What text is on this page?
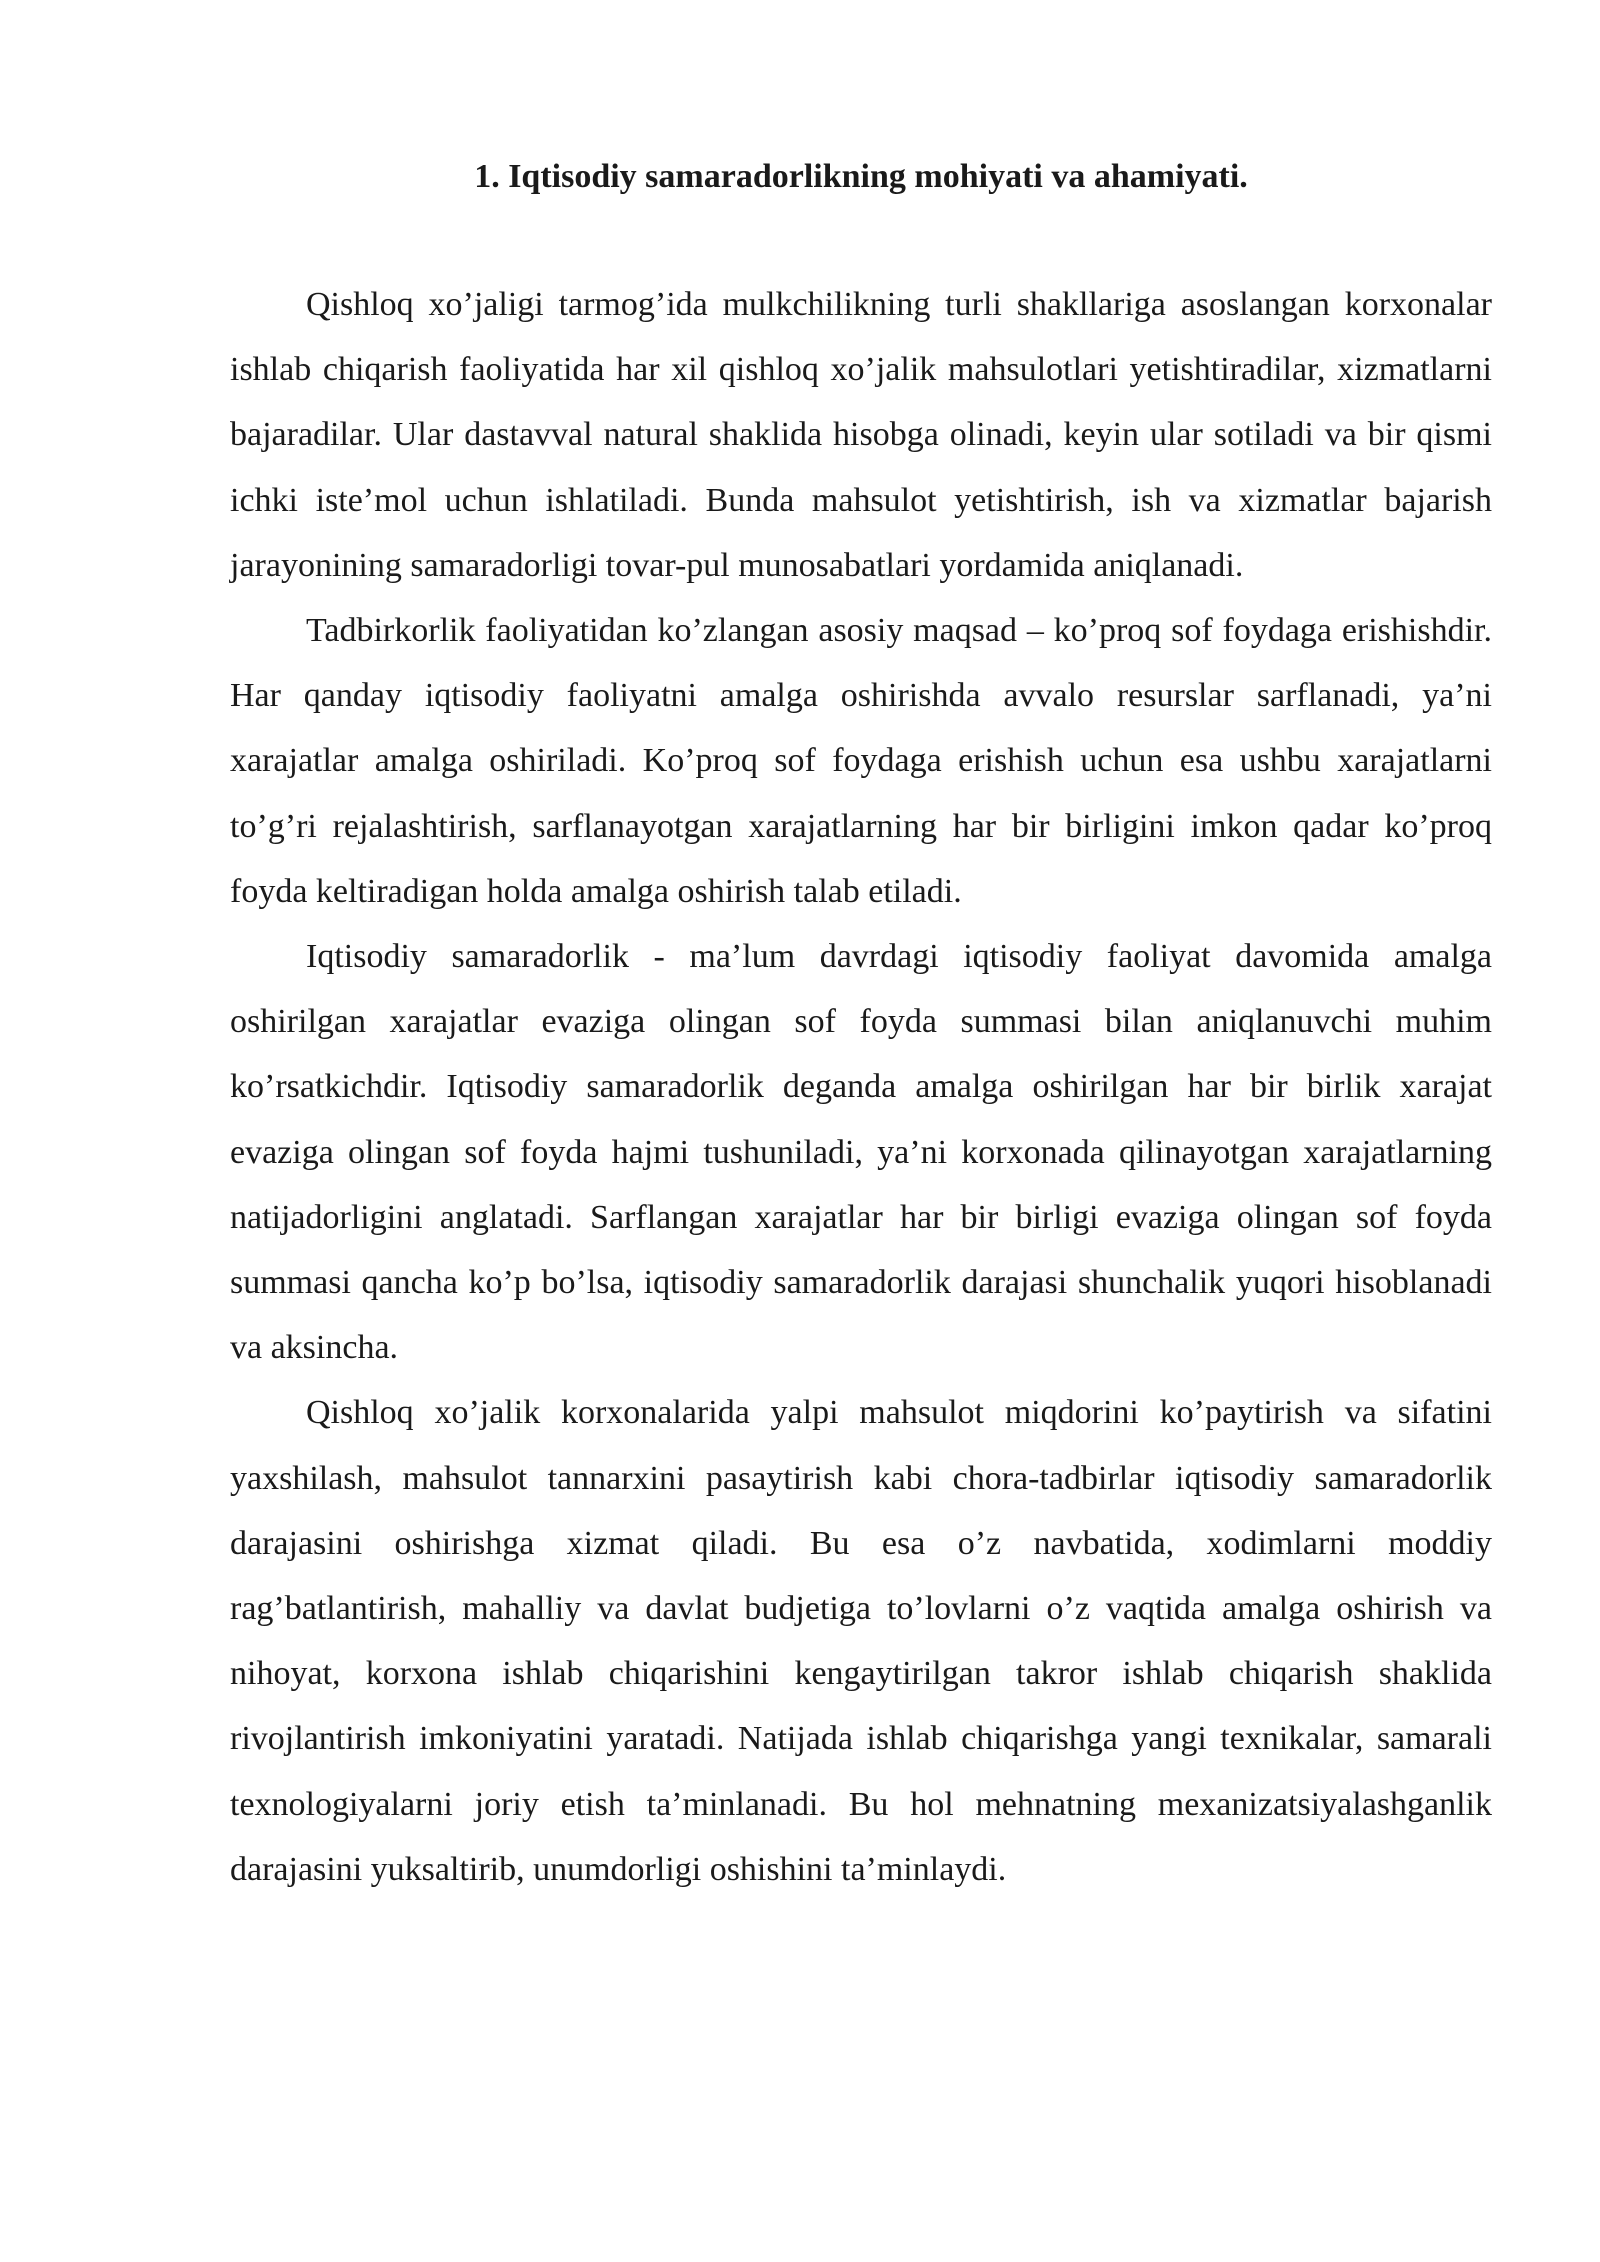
1. Iqtisodiy samaradorlikning mohiyati va ahamiyati.

Qishloq xo’jaligi tarmog’ida mulkchilikning turli shakllariga asoslangan korxonalar ishlab chiqarish faoliyatida har xil qishloq xo’jalik mahsulotlari yetishtiradilar, xizmatlarni bajaradilar. Ular dastavval natural shaklida hisobga olinadi, keyin ular sotiladi va bir qismi ichki iste’mol uchun ishlatiladi. Bunda mahsulot yetishtirish, ish va xizmatlar bajarish jarayonining samaradorligi tovar-pul munosabatlari yordamida aniqlanadi.

Tadbirkorlik faoliyatidan ko’zlangan asosiy maqsad – ko’proq sof foydaga erishishdir. Har qanday iqtisodiy faoliyatni amalga oshirishda avvalo resurslar sarflanadi, ya’ni xarajatlar amalga oshiriladi. Ko’proq sof foydaga erishish uchun esa ushbu xarajatlarni to’g’ri rejalashtirish, sarflanayotgan xarajatlarning har bir birligini imkon qadar ko’proq foyda keltiradigan holda amalga oshirish talab etiladi.

Iqtisodiy samaradorlik - ma’lum davrdagi iqtisodiy faoliyat davomida amalga oshirilgan xarajatlar evaziga olingan sof foyda summasi bilan aniqlanuvchi muhim ko’rsatkichdir. Iqtisodiy samaradorlik deganda amalga oshirilgan har bir birlik xarajat evaziga olingan sof foyda hajmi tushuniladi, ya’ni korxonada qilinayotgan xarajatlarning natijadorligini anglatadi. Sarflangan xarajatlar har bir birligi evaziga olingan sof foyda summasi qancha ko’p bo’lsa, iqtisodiy samaradorlik darajasi shunchalik yuqori hisoblanadi va aksincha.

Qishloq xo’jalik korxonalarida yalpi mahsulot miqdorini ko’paytirish va sifatini yaxshilash, mahsulot tannarxini pasaytirish kabi chora-tadbirlar iqtisodiy samaradorlik darajasini oshirishga xizmat qiladi. Bu esa o’z navbatida, xodimlarni moddiy rag’batlantirish, mahalliy va davlat budjetiga to’lovlarni o’z vaqtida amalga oshirish va nihoyat, korxona ishlab chiqarishini kengaytirilgan takror ishlab chiqarish shaklida rivojlantirish imkoniyatini yaratadi. Natijada ishlab chiqarishga yangi texnikalar, samarali texnologiyalarni joriy etish ta’minlanadi. Bu hol mehnatning mexanizatsiyalashganlik darajasini yuksaltirib, unumdorligi oshishini ta’minlaydi.
